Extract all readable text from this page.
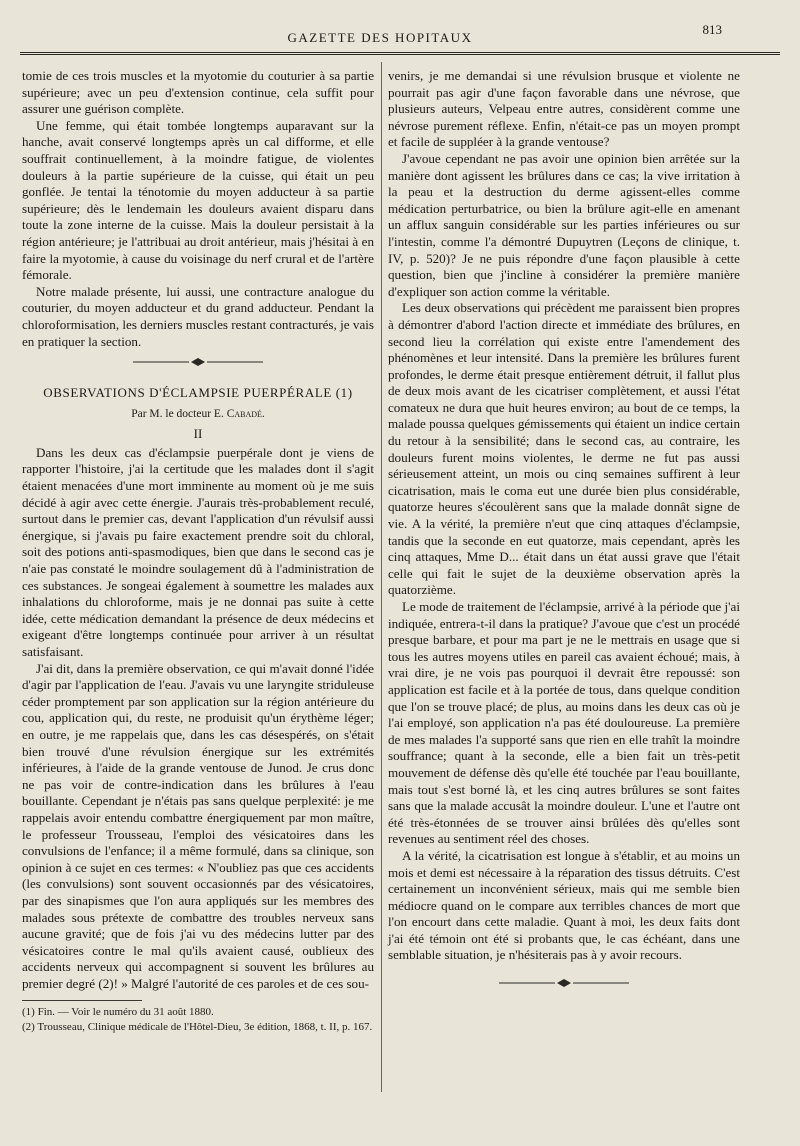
GAZETTE DES HOPITAUX
813

tomie de ces trois muscles et la myotomie du couturier à sa partie supérieure; avec un peu d'extension continue, cela suffit pour assurer une guérison complète.

Une femme, qui était tombée longtemps auparavant sur la hanche, avait conservé longtemps après un cal difforme, et elle souffrait continuellement, à la moindre fatigue, de violentes douleurs à la partie supérieure de la cuisse, qui était un peu gonflée. Je tentai la ténotomie du moyen adducteur à sa partie supérieure; dès le lendemain les douleurs avaient disparu dans toute la zone interne de la cuisse. Mais la douleur persistait à la région antérieure; je l'attribuai au droit antérieur, mais j'hésitai à en faire la myotomie, à cause du voisinage du nerf crural et de l'artère fémorale.

Notre malade présente, lui aussi, une contracture analogue du couturier, du moyen adducteur et du grand adducteur. Pendant la chloroformisation, les derniers muscles restant contracturés, je vais en pratiquer la section.

OBSERVATIONS D'ÉCLAMPSIE PUERPÉRALE (1)
Par M. le docteur E. Cabadé.
II

Dans les deux cas d'éclampsie puerpérale dont je viens de rapporter l'histoire, j'ai la certitude que les malades dont il s'agit étaient menacées d'une mort imminente au moment où je me suis décidé à agir avec cette énergie. J'aurais très-probablement reculé, surtout dans le premier cas, devant l'application d'un révulsif aussi énergique, si j'avais pu faire exactement prendre soit du chloral, soit des potions anti-spasmodiques, bien que dans le second cas je n'aie pas constaté le moindre soulagement dû à l'administration de ces substances. Je songeai également à soumettre les malades aux inhalations du chloroforme, mais je ne donnai pas suite à cette idée, cette médication demandant la présence de deux médecins et exigeant d'être longtemps continuée pour arriver à un résultat satisfaisant.

J'ai dit, dans la première observation, ce qui m'avait donné l'idée d'agir par l'application de l'eau. J'avais vu une laryngite striduleuse céder promptement par son application sur la région antérieure du cou, application qui, du reste, ne produisit qu'un érythème léger; en outre, je me rappelais que, dans les cas désespérés, on s'était bien trouvé d'une révulsion énergique sur les extrémités inférieures, à l'aide de la grande ventouse de Junod. Je crus donc ne pas voir de contre-indication dans les brûlures à l'eau bouillante. Cependant je n'étais pas sans quelque perplexité: je me rappelais avoir entendu combattre énergiquement par mon maître, le professeur Trousseau, l'emploi des vésicatoires dans les convulsions de l'enfance; il a même formulé, dans sa clinique, son opinion à ce sujet en ces termes: « N'oubliez pas que ces accidents (les convulsions) sont souvent occasionnés par des vésicatoires, par des sinapismes que l'on aura appliqués sur les membres des malades sous prétexte de combattre des troubles nerveux sans aucune gravité; que de fois j'ai vu des médecins lutter par des vésicatoires contre le mal qu'ils avaient causé, oublieux des accidents nerveux qui accompagnent si souvent les brûlures au premier degré (2)! » Malgré l'autorité de ces paroles et de ces sou-

(1) Fin. — Voir le numéro du 31 août 1880.

(2) Trousseau, Clinique médicale de l'Hôtel-Dieu, 3e édition, 1868, t. II, p. 167.

venirs, je me demandai si une révulsion brusque et violente ne pourrait pas agir d'une façon favorable dans une névrose, que plusieurs auteurs, Velpeau entre autres, considèrent comme une névrose purement réflexe. Enfin, n'était-ce pas un moyen prompt et facile de suppléer à la grande ventouse?

J'avoue cependant ne pas avoir une opinion bien arrêtée sur la manière dont agissent les brûlures dans ce cas; la vive irritation à la peau et la destruction du derme agissent-elles comme médication perturbatrice, ou bien la brûlure agit-elle en amenant un afflux sanguin considérable sur les parties inférieures ou sur l'intestin, comme l'a démontré Dupuytren (Leçons de clinique, t. IV, p. 520)? Je ne puis répondre d'une façon plausible à cette question, bien que j'incline à considérer la première manière d'expliquer son action comme la véritable.

Les deux observations qui précèdent me paraissent bien propres à démontrer d'abord l'action directe et immédiate des brûlures, en second lieu la corrélation qui existe entre l'amendement des phénomènes et leur intensité. Dans la première les brûlures furent profondes, le derme était presque entièrement détruit, il fallut plus de deux mois avant de les cicatriser complètement, et aussi l'état comateux ne dura que huit heures environ; au bout de ce temps, la malade poussa quelques gémissements qui étaient un indice certain du retour à la sensibilité; dans le second cas, au contraire, les douleurs furent moins violentes, le derme ne fut pas aussi sérieusement atteint, un mois ou cinq semaines suffirent à leur cicatrisation, mais le coma eut une durée bien plus considérable, quatorze heures s'écoulèrent sans que la malade donnât signe de vie. A la vérité, la première n'eut que cinq attaques d'éclampsie, tandis que la seconde en eut quatorze, mais cependant, après les cinq attaques, Mme D... était dans un état aussi grave que l'était celle qui fait le sujet de la deuxième observation après la quatorzième.

Le mode de traitement de l'éclampsie, arrivé à la période que j'ai indiquée, entrera-t-il dans la pratique? J'avoue que c'est un procédé presque barbare, et pour ma part je ne le mettrais en usage que si tous les autres moyens utiles en pareil cas avaient échoué; mais, à vrai dire, je ne vois pas pourquoi il devrait être repoussé: son application est facile et à la portée de tous, dans quelque condition que l'on se trouve placé; de plus, au moins dans les deux cas où je l'ai employé, son application n'a pas été douloureuse. La première de mes malades l'a supporté sans que rien en elle trahît la moindre souffrance; quant à la seconde, elle a bien fait un très-petit mouvement de défense dès qu'elle été touchée par l'eau bouillante, mais tout s'est borné là, et les cinq autres brûlures se sont faites sans que la malade accusât la moindre douleur. L'une et l'autre ont été très-étonnées de se trouver ainsi brûlées dès qu'elles sont revenues au sentiment réel des choses.

A la vérité, la cicatrisation est longue à s'établir, et au moins un mois et demi est nécessaire à la réparation des tissus détruits. C'est certainement un inconvénient sérieux, mais qui me semble bien médiocre quand on le compare aux terribles chances de mort que l'on encourt dans cette maladie. Quant à moi, les deux faits dont j'ai été témoin ont été si probants que, le cas échéant, dans une semblable situation, je n'hésiterais pas à y avoir recours.
